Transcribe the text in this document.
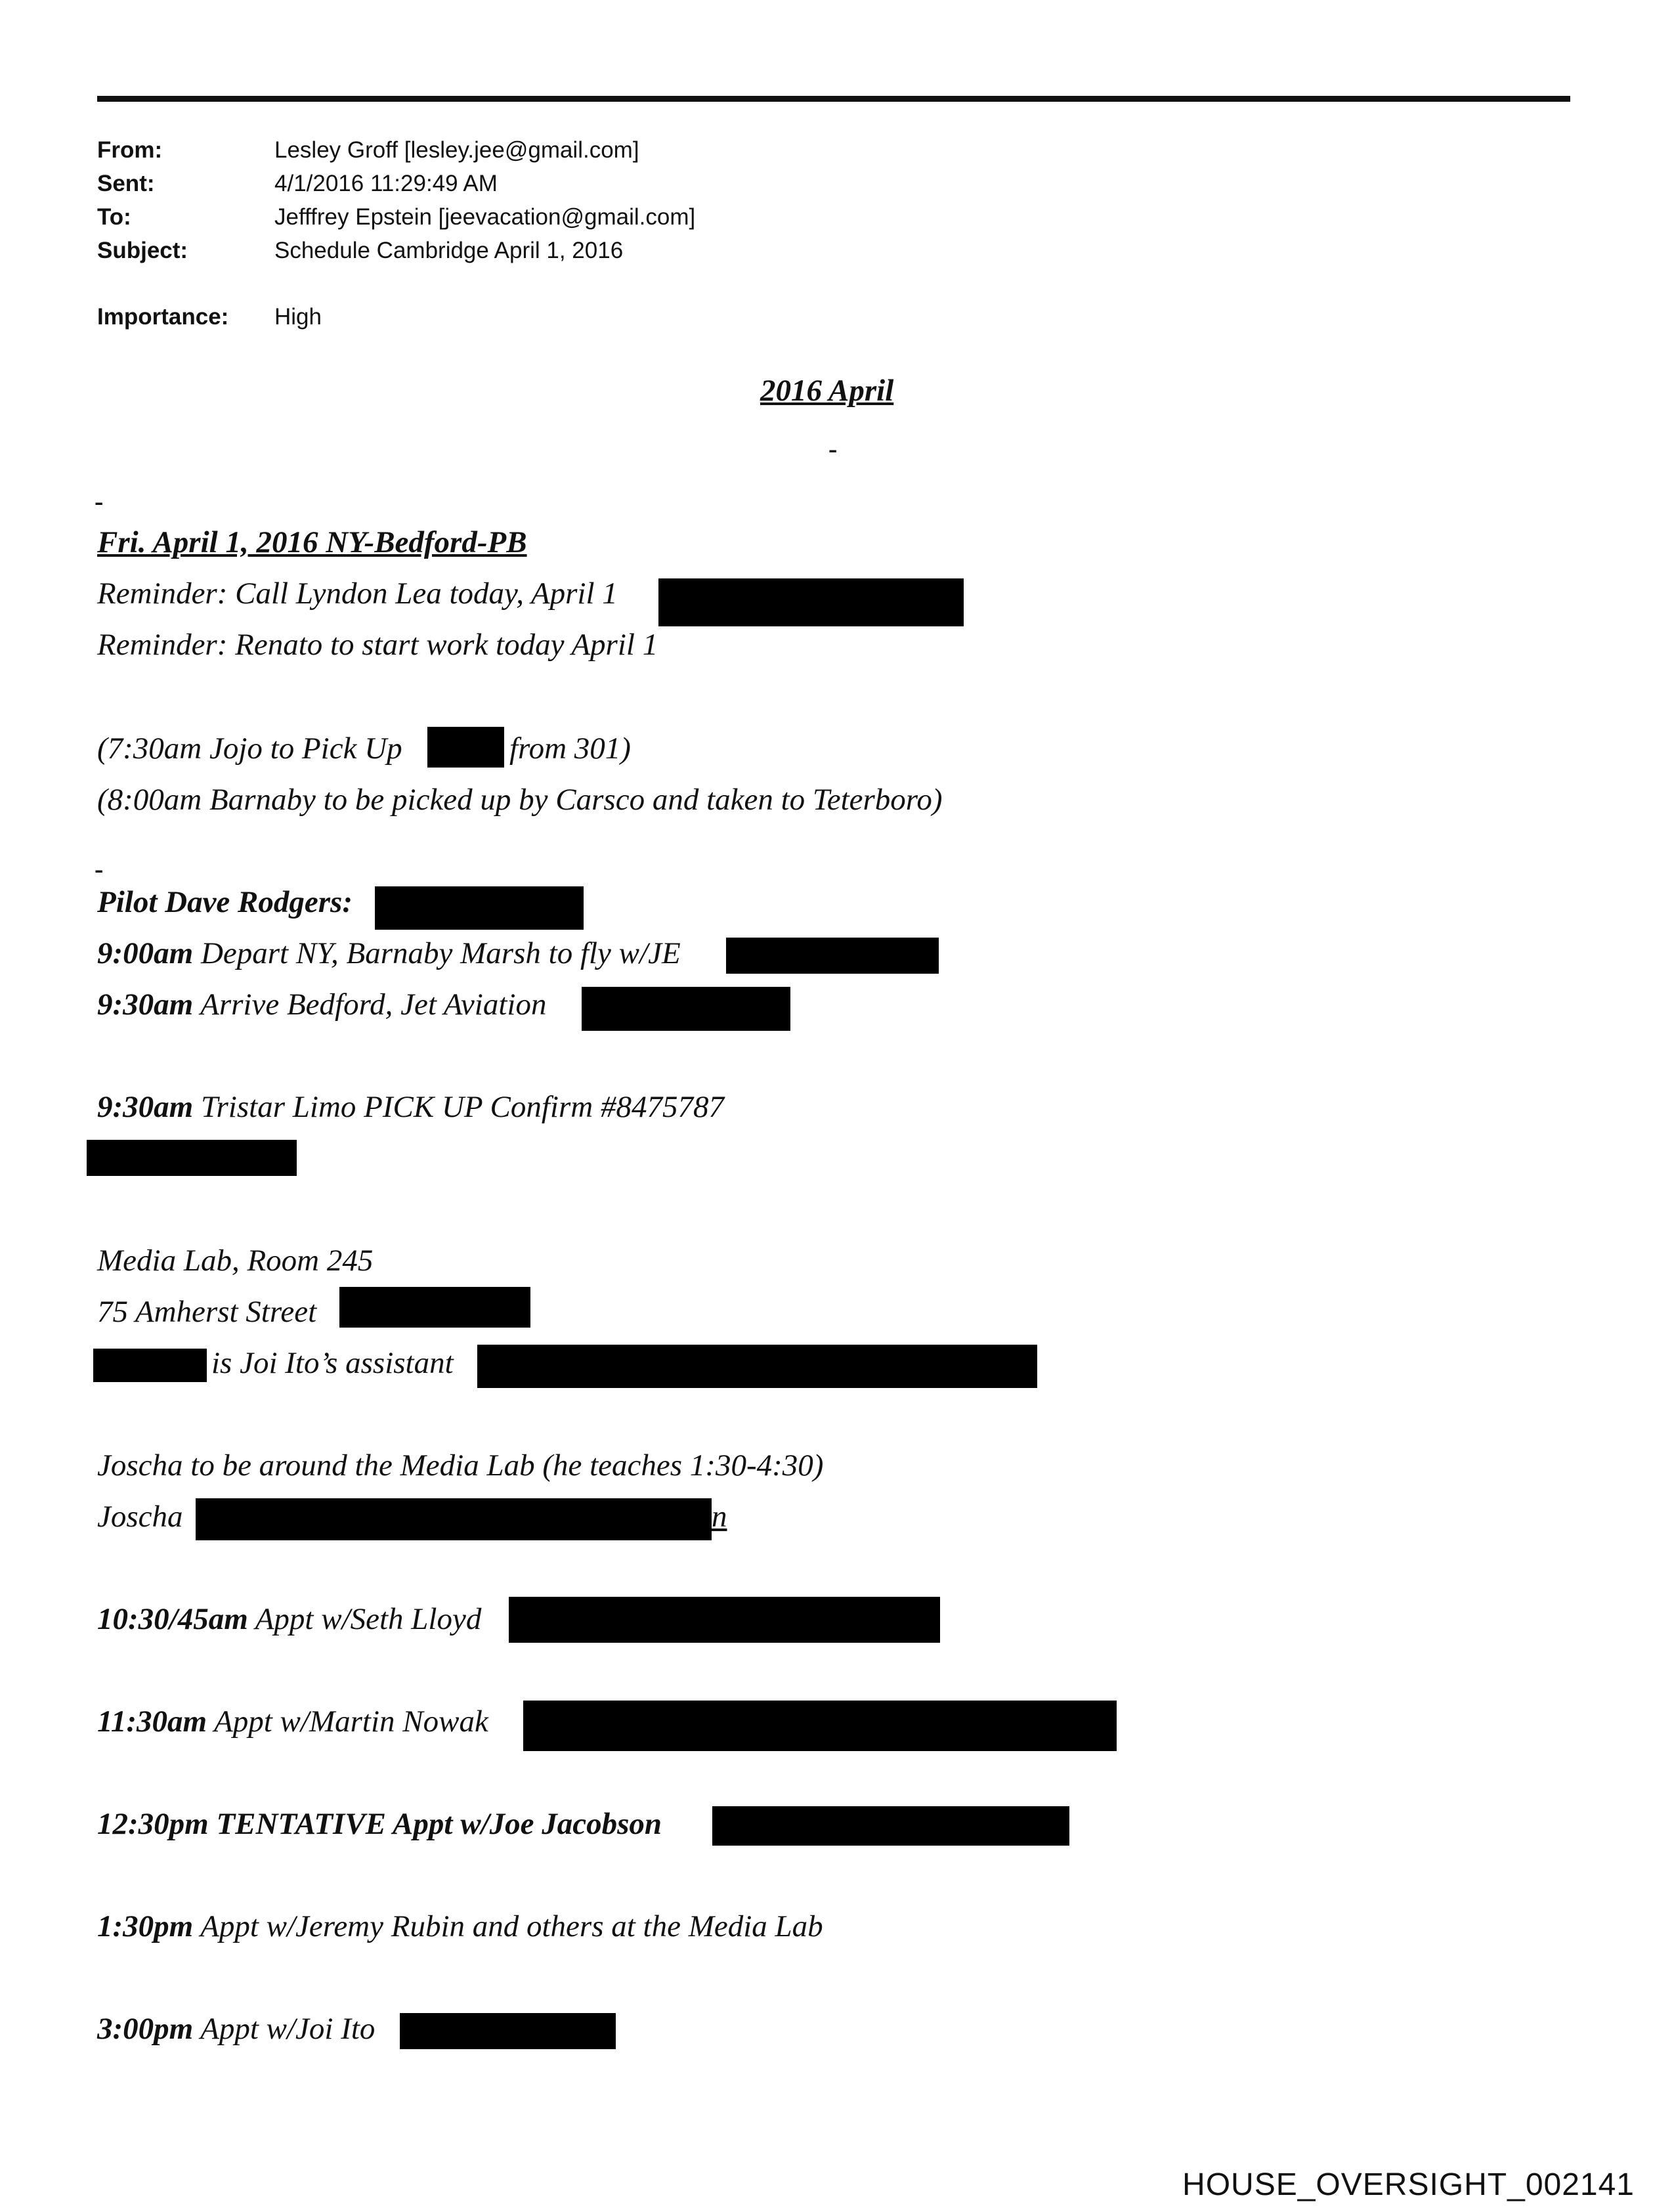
From:	Lesley Groff [lesley.jee@gmail.com]
Sent:	4/1/2016 11:29:49 AM
To:	Jefffrey Epstein [jeevacation@gmail.com]
Subject:	Schedule Cambridge April 1, 2016
Importance: High
2016 April
-
-
Fri. April 1, 2016 NY-Bedford-PB
Reminder: Call Lyndon Lea today, April 1
Reminder: Renato to start work today April 1
(7:30am Jojo to Pick Up	from 301)
(8:00am Barnaby to be picked up by Carsco and taken to Teterboro)
-
Pilot Dave Rodgers:
9:00am Depart NY, Barnaby Marsh to fly w/JE
9:30am Arrive Bedford, Jet Aviation
9:30am Tristar Limo PICK UP Confirm #8475787
Media Lab, Room 245
75 Amherst Street
is Joi Ito’s assistant
Joscha to be around the Media Lab (he teaches 1:30-4:30)
Joscha	n
10:30/45am Appt w/Seth Lloyd
11:30am Appt w/Martin Nowak
12:30pm TENTATIVE Appt w/Joe Jacobson
1:30pm Appt w/Jeremy Rubin and others at the Media Lab
3:00pm Appt w/Joi Ito
HOUSE_OVERSIGHT_002141
